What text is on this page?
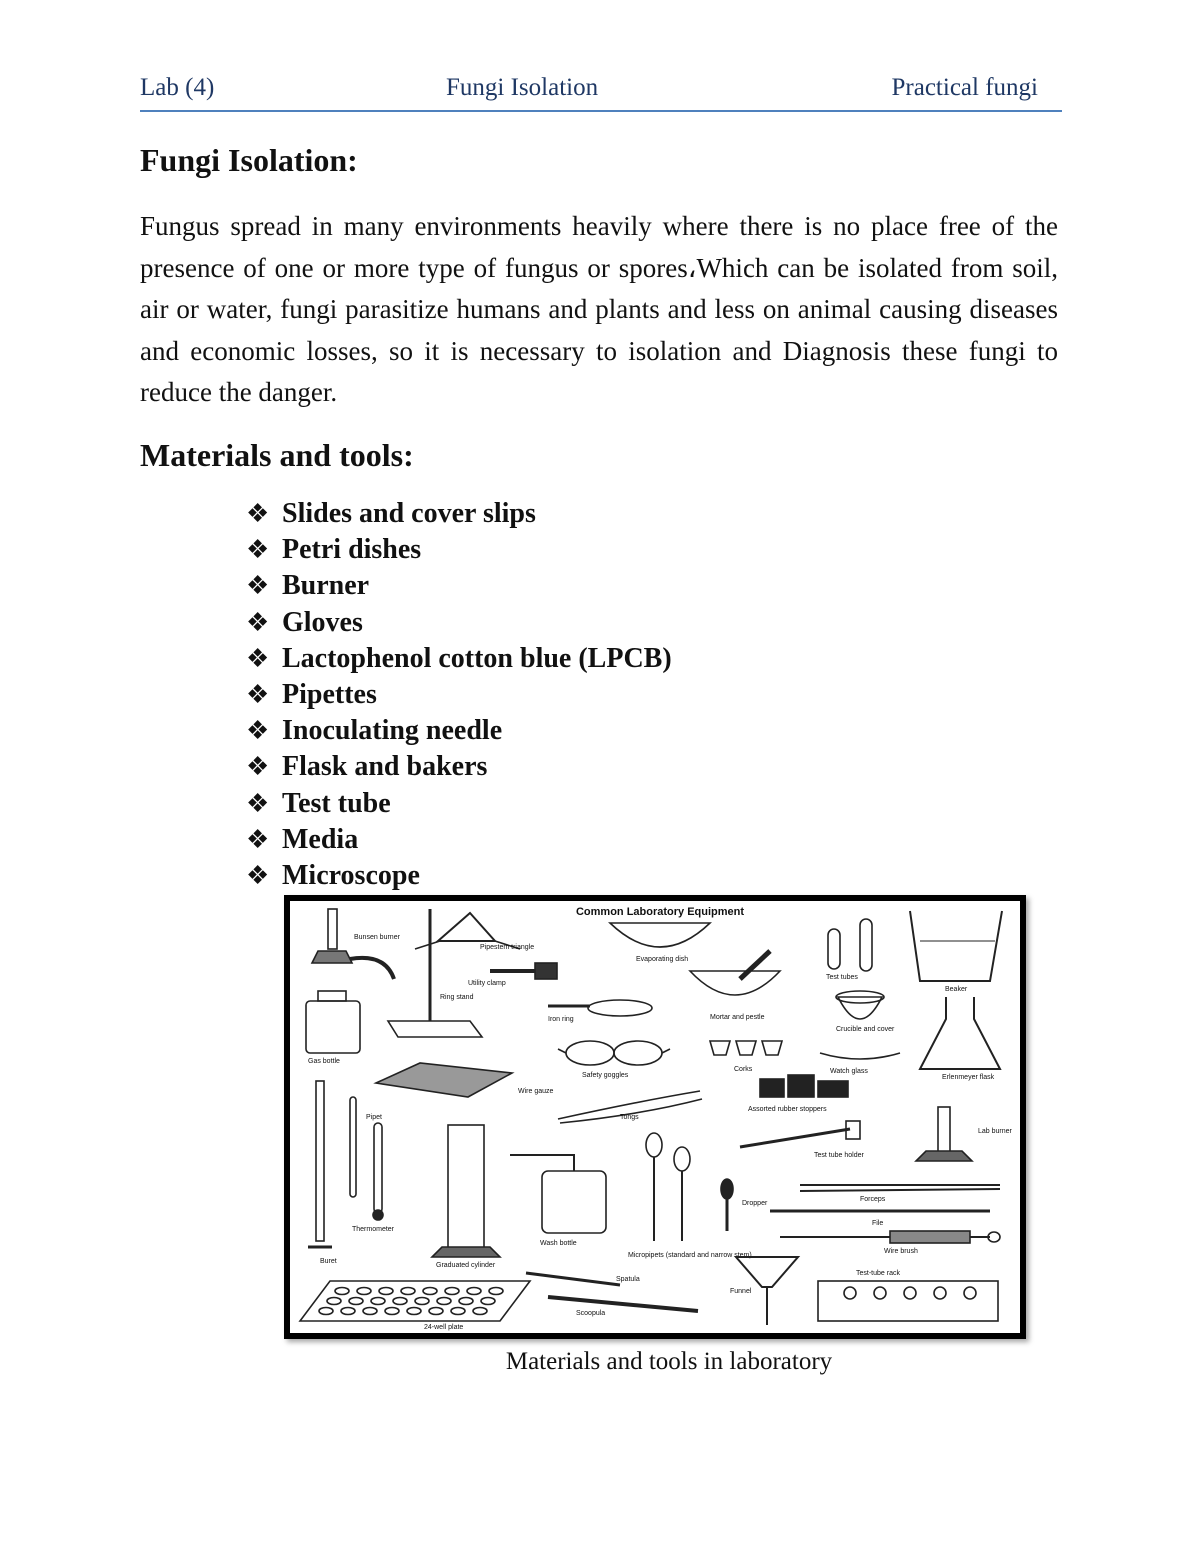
Lab (4)	Fungi Isolation	Practical fungi
Fungi Isolation:

Fungus spread in many environments heavily where there is no place free of the presence of one or more type of fungus or spores،Which can be isolated from soil, air or water, fungi parasitize humans and plants and less on animal causing diseases and economic losses, so it is necessary to isolation and Diagnosis these fungi to reduce the danger.

Materials and tools:
❖ Slides and cover slips
❖ Petri dishes
❖ Burner
❖ Gloves
❖ Lactophenol cotton blue (LPCB)
❖ Pipettes
❖ Inoculating needle
❖ Flask and bakers
❖ Test tube
❖ Media
❖ Microscope
Common Laboratory Equipment
Bunsen burner
Pipestem triangle
Evaporating dish
Test tubes
Beaker
Utility clamp
Ring stand
Iron ring	Mortar and pestle
Crucible and cover
Gas bottle
Safety goggles
Corks	Watch glass
Erlenmeyer flask
Wire gauze
Assorted rubber stoppers
Pipet	Tongs
Lab burner
Test tube holder
Thermometer
Dropper
Forceps
File
Wash bottle
Micropipets (standard and narrow stem)
Wire brush
Buret
Graduated cylinder
Funnel
Test-tube rack
Spatula
Scoopula
24-well plate
Materials and tools in laboratory
